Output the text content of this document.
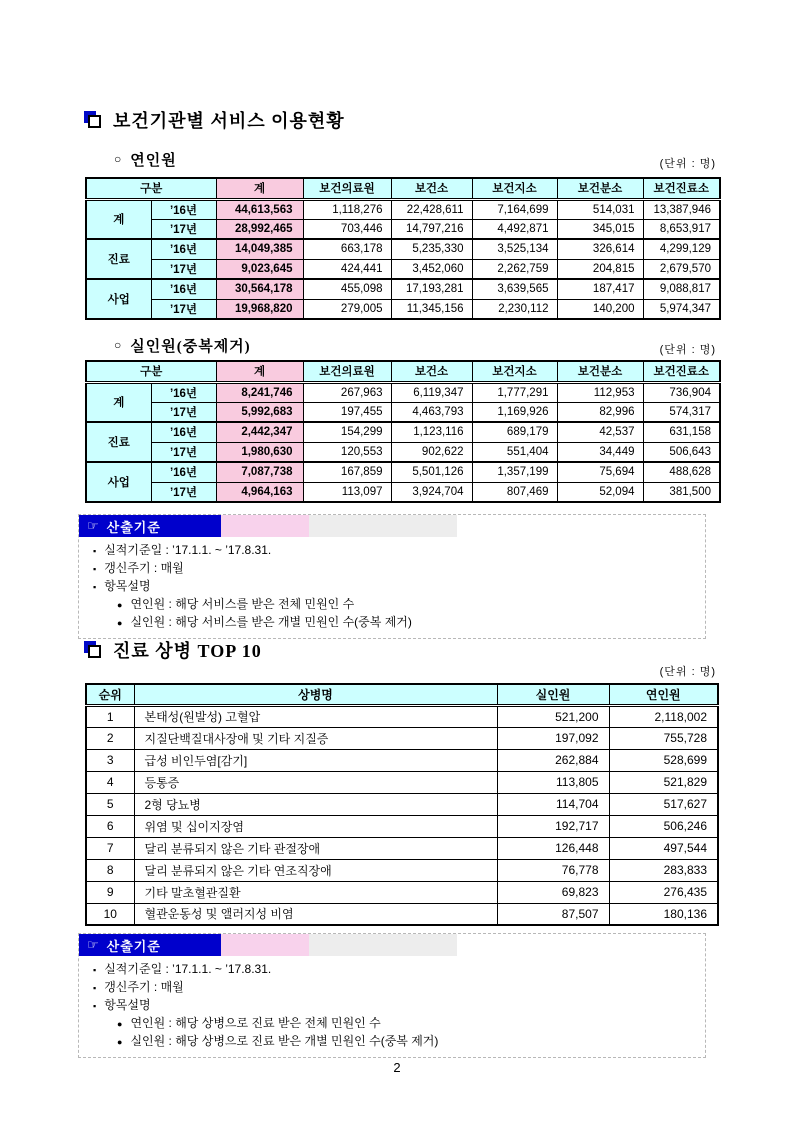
보건기관별 서비스 이용현황
○ 연인원	(단위 : 명)
구분		계	보건의료원	보건소	보건지소	보건분소	보건진료소
계	’16년	44,613,563	1,118,276	22,428,611	7,164,699	514,031	13,387,946
	’17년	28,992,465	703,446	14,797,216	4,492,871	345,015	8,653,917
진료	’16년	14,049,385	663,178	5,235,330	3,525,134	326,614	4,299,129
	’17년	9,023,645	424,441	3,452,060	2,262,759	204,815	2,679,570
사업	’16년	30,564,178	455,098	17,193,281	3,639,565	187,417	9,088,817
	’17년	19,968,820	279,005	11,345,156	2,230,112	140,200	5,974,347
○ 실인원(중복제거)	(단위 : 명)
구분		계	보건의료원	보건소	보건지소	보건분소	보건진료소
계	’16년	8,241,746	267,963	6,119,347	1,777,291	112,953	736,904
	’17년	5,992,683	197,455	4,463,793	1,169,926	82,996	574,317
진료	’16년	2,442,347	154,299	1,123,116	689,179	42,537	631,158
	’17년	1,980,630	120,553	902,622	551,404	34,449	506,643
사업	’16년	7,087,738	167,859	5,501,126	1,357,199	75,694	488,628
	’17년	4,964,163	113,097	3,924,704	807,469	52,094	381,500
☞ 산출기준
▪ 실적기준일 : ’17.1.1. ~ ’17.8.31.
▪ 갱신주기 : 매월
▪ 항목설명
● 연인원 : 해당 서비스를 받은 전체 민원인 수
● 실인원 : 해당 서비스를 받은 개별 민원인 수(중복 제거)
진료 상병 TOP 10
(단위 : 명)
순위	상병명	실인원	연인원
1	본태성(원발성) 고혈압	521,200	2,118,002
2	지질단백질대사장애 및 기타 지질증	197,092	755,728
3	급성 비인두염[감기]	262,884	528,699
4	등통증	113,805	521,829
5	2형 당뇨병	114,704	517,627
6	위염 및 십이지장염	192,717	506,246
7	달리 분류되지 않은 기타 관절장애	126,448	497,544
8	달리 분류되지 않은 기타 연조직장애	76,778	283,833
9	기타 말초혈관질환	69,823	276,435
10	혈관운동성 및 앨러지성 비염	87,507	180,136
☞ 산출기준
▪ 실적기준일 : ’17.1.1. ~ ’17.8.31.
▪ 갱신주기 : 매월
▪ 항목설명
● 연인원 : 해당 상병으로 진료 받은 전체 민원인 수
● 실인원 : 해당 상병으로 진료 받은 개별 민원인 수(중복 제거)
2
